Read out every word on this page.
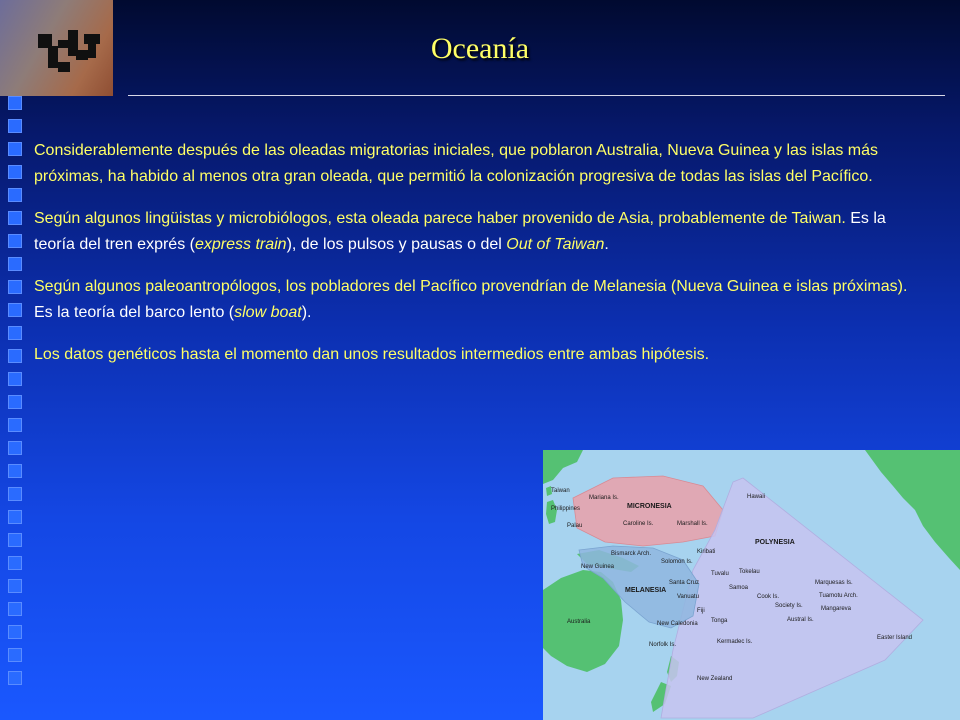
Oceanía

Considerablemente después de las oleadas migratorias iniciales, que poblaron Australia, Nueva Guinea y las islas más próximas, ha habido al menos otra gran oleada, que permitió la colonización progresiva de todas las islas del Pacífico.

Según algunos lingüistas y microbiólogos, esta oleada parece haber provenido de Asia, probablemente de Taiwan. Es la teoría del tren exprés (express train), de los pulsos y pausas o del Out of Taiwan.

Según algunos paleoantropólogos, los pobladores del Pacífico provendrían de Melanesia (Nueva Guinea e islas próximas). Es la teoría del barco lento (slow boat).

Los datos genéticos hasta el momento dan unos resultados intermedios entre ambas hipótesis.

MICRONESIA
POLYNESIA
MELANESIA
Taiwan
Philippines
Palau
Mariana Is.
Caroline Is.	Marshall Is.
Kiribati
Hawaii
Bismarck Arch.
Solomon Is.
Tuvalu Tokelau
New Guinea
Santa Cruz
Samoa
Marquesas Is.
Vanuatu
Fiji
Cook Is.	Tuamotu Arch.
Society Is.	Mangareva
New Caledonia Tonga	Austral Is.
Australia
Norfolk Is.	Kermadec Is.
Easter Island
New Zealand
